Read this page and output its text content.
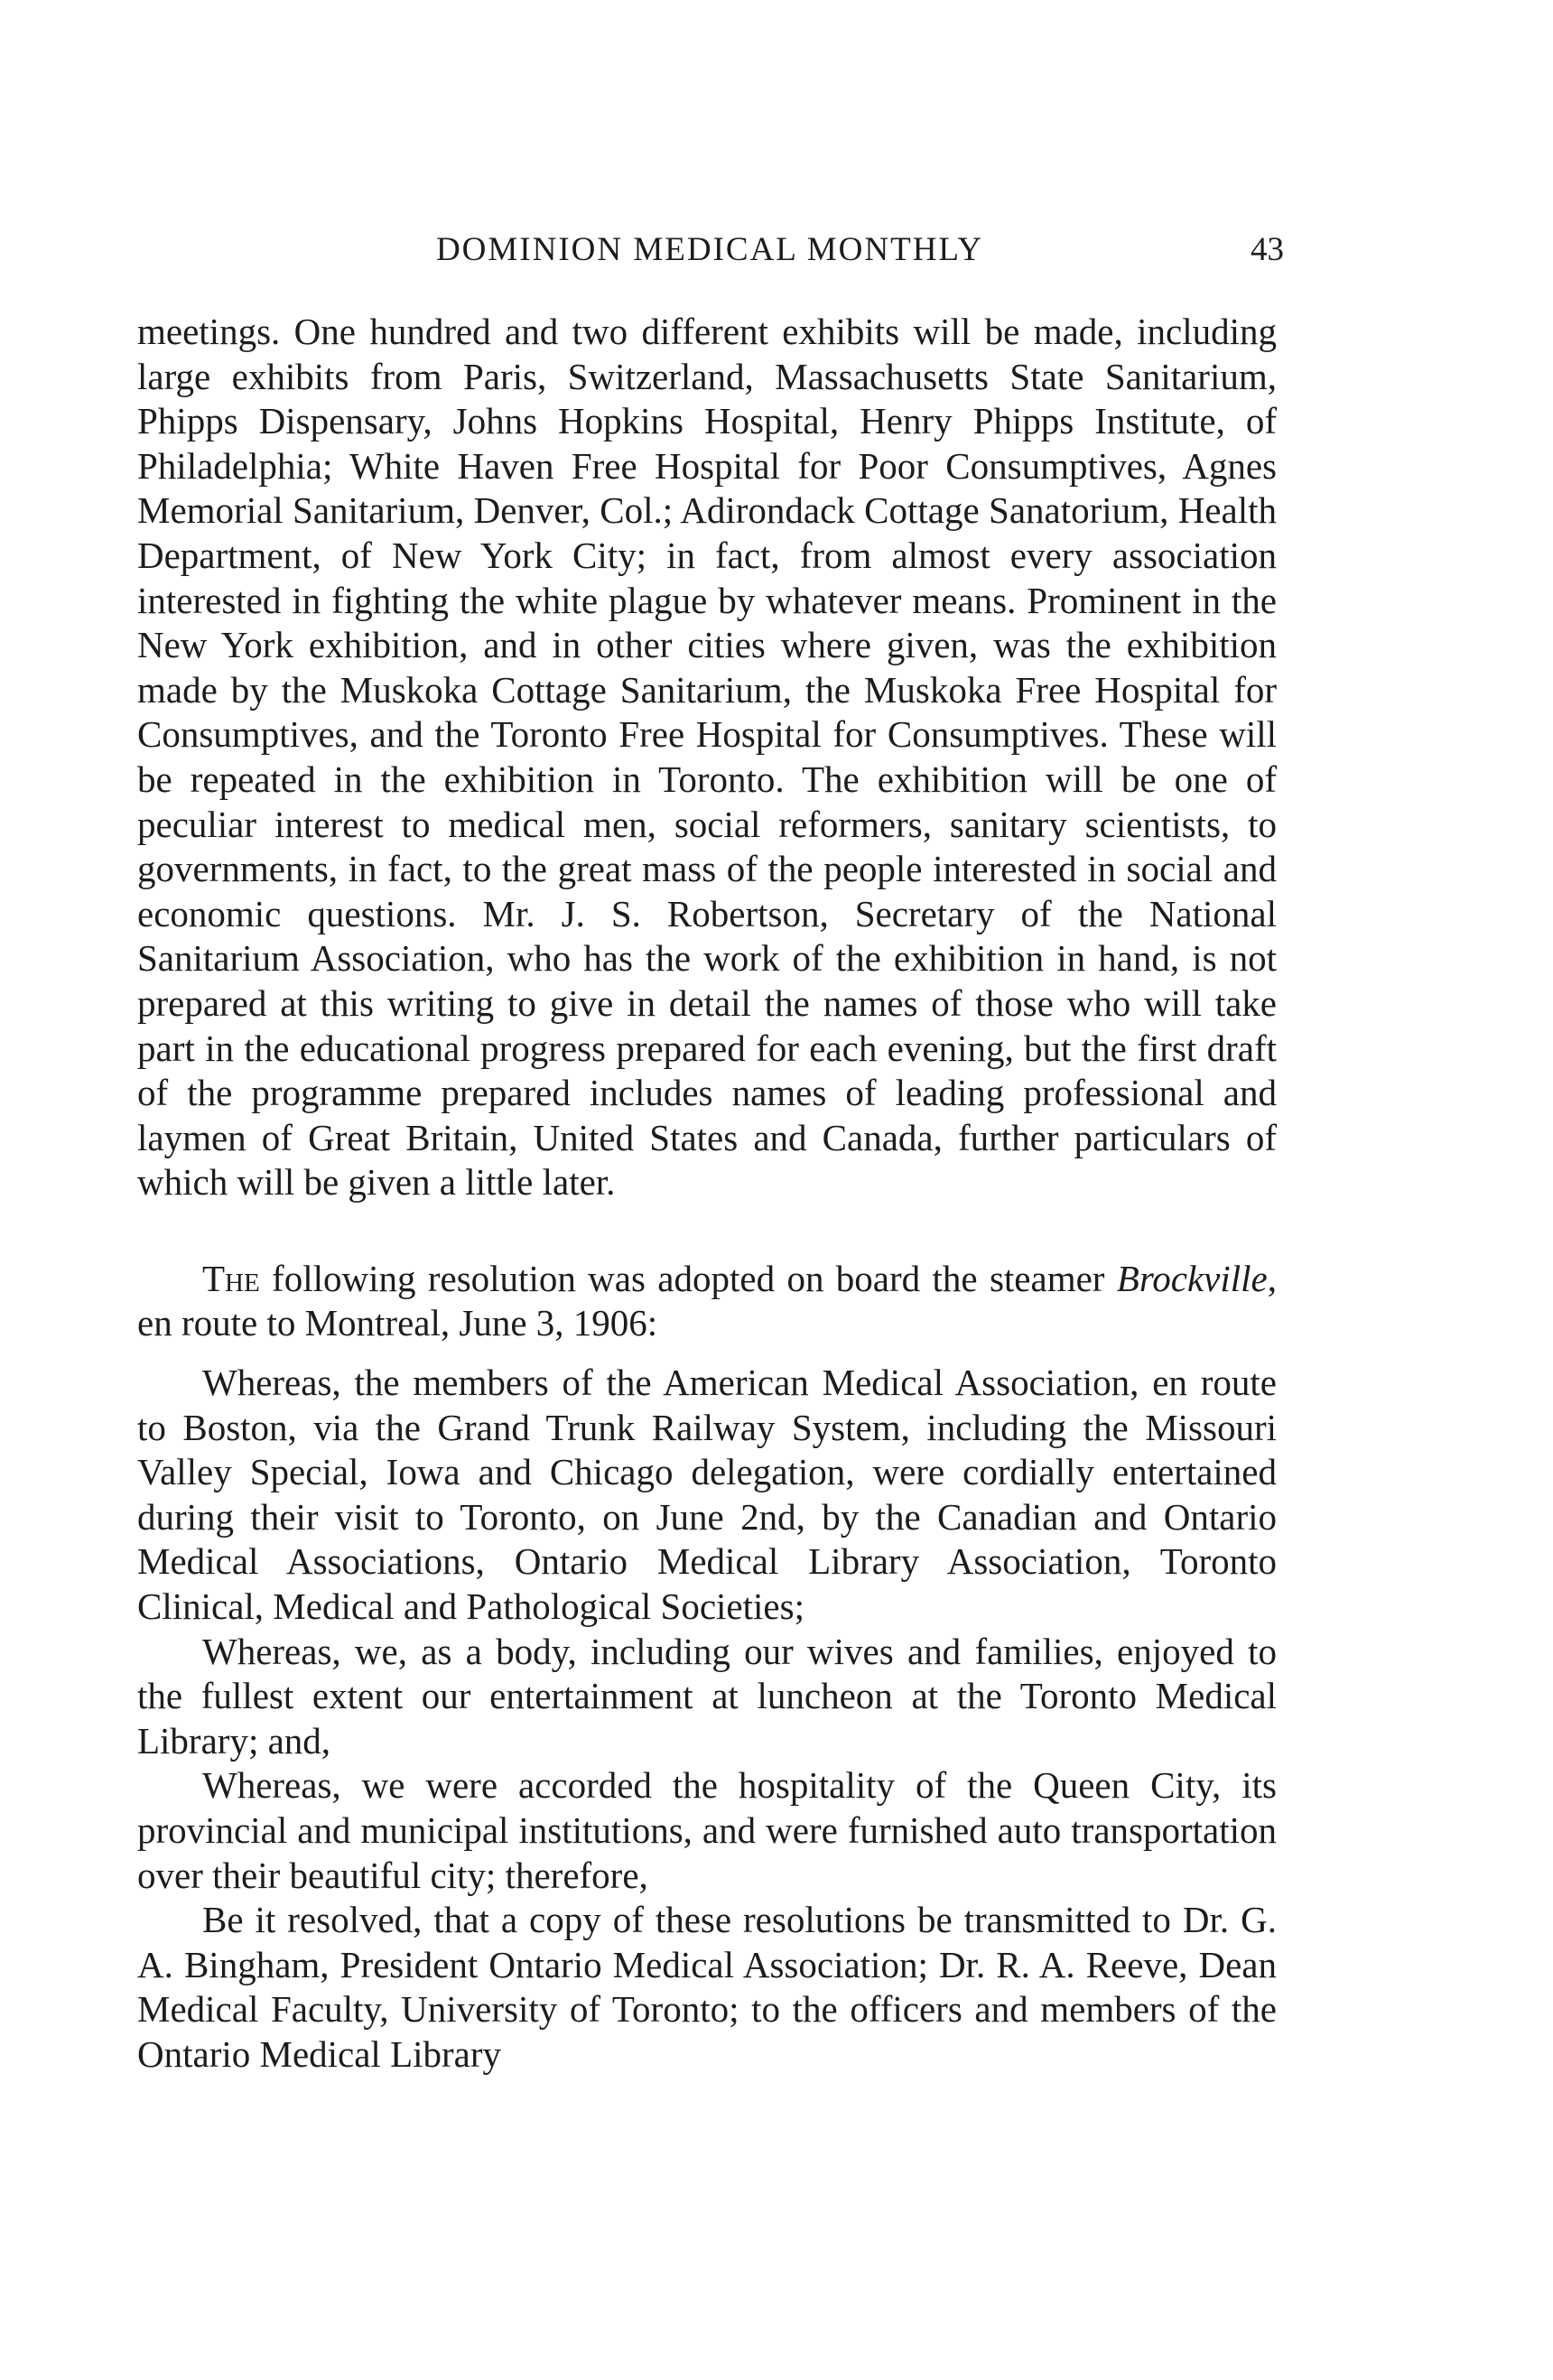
DOMINION MEDICAL MONTHLY	43

meetings. One hundred and two different exhibits will be made, including large exhibits from Paris, Switzerland, Massachusetts State Sanitarium, Phipps Dispensary, Johns Hopkins Hospital, Henry Phipps Institute, of Philadelphia; White Haven Free Hospital for Poor Consumptives, Agnes Memorial Sanitarium, Denver, Col.; Adirondack Cottage Sanatorium, Health Department, of New York City; in fact, from almost every association interested in fighting the white plague by whatever means. Prominent in the New York exhibition, and in other cities where given, was the exhibition made by the Muskoka Cottage Sanitarium, the Muskoka Free Hospital for Consumptives, and the Toronto Free Hospital for Consumptives. These will be repeated in the exhibition in Toronto. The exhibition will be one of peculiar interest to medical men, social reformers, sanitary scientists, to governments, in fact, to the great mass of the people interested in social and economic questions. Mr. J. S. Robertson, Secretary of the National Sanitarium Association, who has the work of the exhibition in hand, is not prepared at this writing to give in detail the names of those who will take part in the educational progress prepared for each evening, but the first draft of the programme prepared includes names of leading professional and laymen of Great Britain, United States and Canada, further particulars of which will be given a little later.

The following resolution was adopted on board the steamer Brockville, en route to Montreal, June 3, 1906:

Whereas, the members of the American Medical Association, en route to Boston, via the Grand Trunk Railway System, including the Missouri Valley Special, Iowa and Chicago delegation, were cordially entertained during their visit to Toronto, on June 2nd, by the Canadian and Ontario Medical Associations, Ontario Medical Library Association, Toronto Clinical, Medical and Pathological Societies;

Whereas, we, as a body, including our wives and families, enjoyed to the fullest extent our entertainment at luncheon at the Toronto Medical Library; and,

Whereas, we were accorded the hospitality of the Queen City, its provincial and municipal institutions, and were furnished auto transportation over their beautiful city; therefore,

Be it resolved, that a copy of these resolutions be transmitted to Dr. G. A. Bingham, President Ontario Medical Association; Dr. R. A. Reeve, Dean Medical Faculty, University of Toronto; to the officers and members of the Ontario Medical Library
